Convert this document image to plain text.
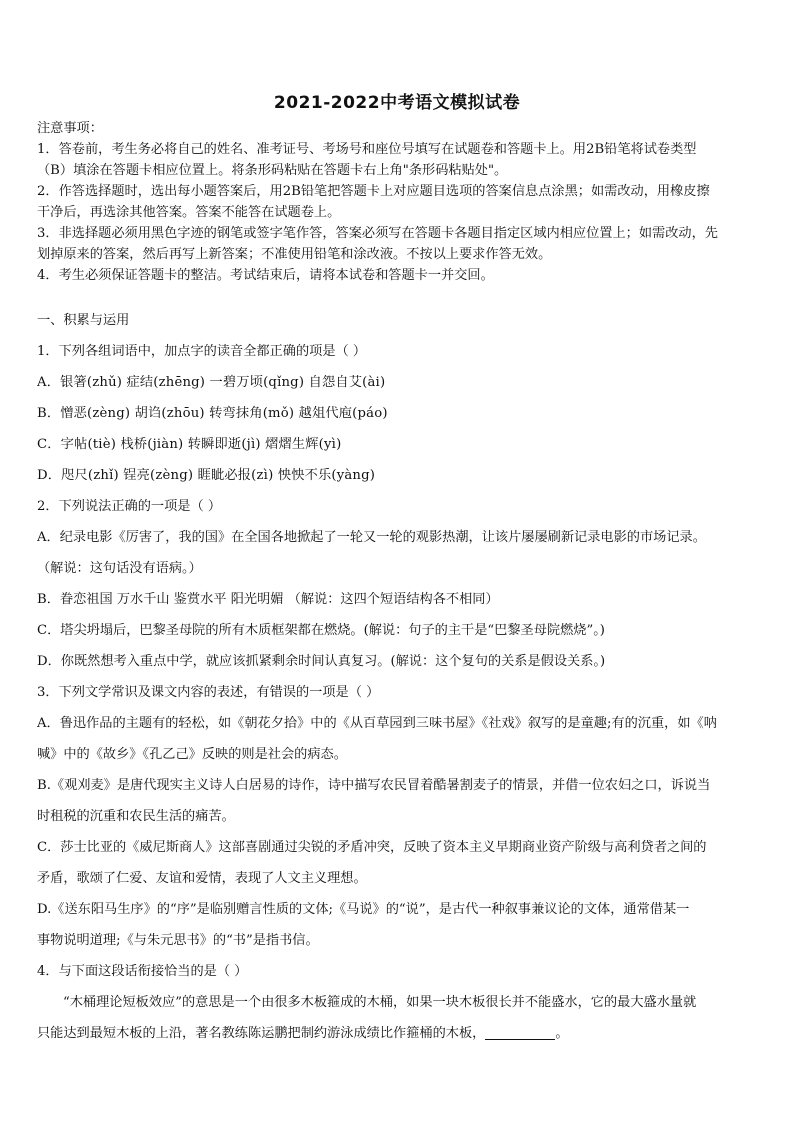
2021-2022中考语文模拟试卷
注意事项：
1．答卷前，考生务必将自己的姓名、准考证号、考场号和座位号填写在试题卷和答题卡上。用2B铅笔将试卷类型
（B）填涂在答题卡相应位置上。将条形码粘贴在答题卡右上角"条形码粘贴处"。
2．作答选择题时，选出每小题答案后，用2B铅笔把答题卡上对应题目选项的答案信息点涂黑；如需改动，用橡皮擦
干净后，再选涂其他答案。答案不能答在试题卷上。
3．非选择题必须用黑色字迹的钢笔或签字笔作答，答案必须写在答题卡各题目指定区域内相应位置上；如需改动，先
划掉原来的答案，然后再写上新答案；不准使用铅笔和涂改液。不按以上要求作答无效。
4．考生必须保证答题卡的整洁。考试结束后，请将本试卷和答题卡一并交回。
一、积累与运用
1．下列各组词语中，加点字的读音全都正确的项是（ ）
A．银箸(zhǔ) 症结(zhēng) 一碧万顷(qǐng) 自怨自艾(ài)
B．憎恶(zèng) 胡诌(zhōu) 转弯抹角(mǒ) 越俎代庖(páo)
C．字帖(tiè) 栈桥(jiàn) 转瞬即逝(jì) 熠熠生辉(yì)
D．咫尺(zhǐ) 锃亮(zèng) 睚眦必报(zì) 怏怏不乐(yàng)
2．下列说法正确的一项是（ ）
A．纪录电影《厉害了，我的国》在全国各地掀起了一轮又一轮的观影热潮，让该片屡屡刷新记录电影的市场记录。
（解说：这句话没有语病。）
B．眷恋祖国 万水千山 鉴赏水平 阳光明媚 （解说：这四个短语结构各不相同）
C．塔尖坍塌后，巴黎圣母院的所有木质框架都在燃烧。(解说：句子的主干是“巴黎圣母院燃烧”。)
D．你既然想考入重点中学，就应该抓紧剩余时间认真复习。(解说：这个复句的关系是假设关系。)
3．下列文学常识及课文内容的表述，有错误的一项是（ ）
A．鲁迅作品的主题有的轻松，如《朝花夕拾》中的《从百草园到三味书屋》《社戏》叙写的是童趣;有的沉重，如《呐
喊》中的《故乡》《孔乙己》反映的则是社会的病态。
B.《观刈麦》是唐代现实主义诗人白居易的诗作，诗中描写农民冒着酷暑割麦子的情景，并借一位农妇之口，诉说当
时租税的沉重和农民生活的痛苦。
C．莎士比亚的《威尼斯商人》这部喜剧通过尖锐的矛盾冲突，反映了资本主义早期商业资产阶级与高利贷者之间的
矛盾，歌颂了仁爱、友谊和爱情，表现了人文主义理想。
D.《送东阳马生序》的“序”是临别赠言性质的文体;《马说》的“说”，是古代一种叙事兼议论的文体，通常借某一
事物说明道理;《与朱元思书》的“书”是指书信。
4．与下面这段话衔接恰当的是（ ）
“木桶理论短板效应”的意思是一个由很多木板箍成的木桶，如果一块木板很长并不能盛水，它的最大盛水量就
只能达到最短木板的上沿，著名教练陈运鹏把制约游泳成绩比作箍桶的木板，	。
